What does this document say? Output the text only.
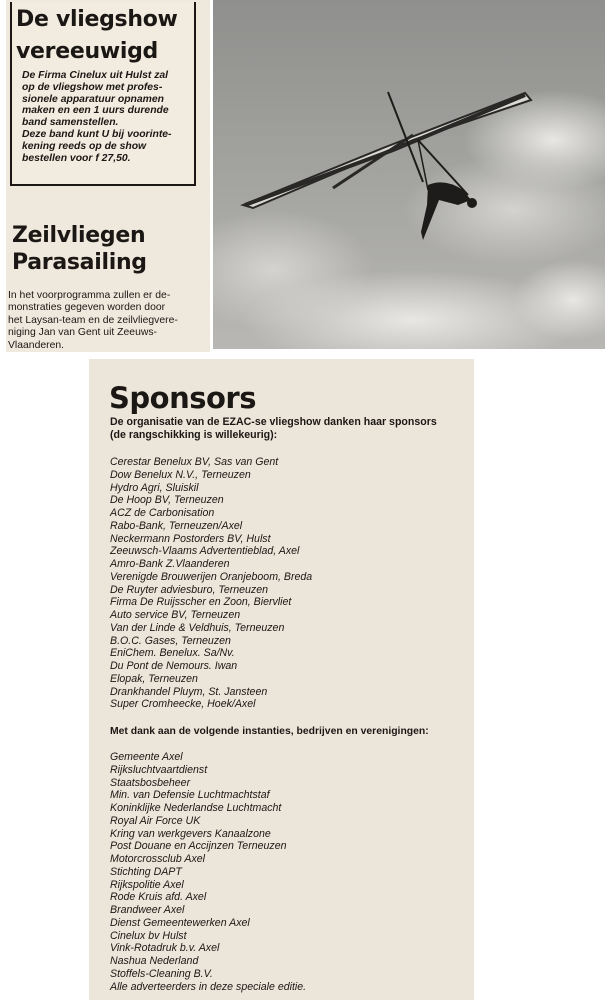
De vliegshow
vereeuwigd
De Firma Cinelux uit Hulst zal
op de vliegshow met profes-
sionele apparatuur opnamen
maken en een 1 uurs durende
band samenstellen.
Deze band kunt U bij voorinte-
kening reeds op de show
bestellen voor f 27,50.
Zeilvliegen
Parasailing
In het voorprogramma zullen er de-
monstraties gegeven worden door
het Laysan-team en de zeilvliegvere-
niging Jan van Gent uit Zeeuws-
Vlaanderen.
Sponsors
De organisatie van de EZAC-se vliegshow danken haar sponsors
(de rangschikking is willekeurig):
Cerestar Benelux BV, Sas van Gent
Dow Benelux N.V., Terneuzen
Hydro Agri, Sluiskil
De Hoop BV, Terneuzen
ACZ de Carbonisation
Rabo-Bank, Terneuzen/Axel
Neckermann Postorders BV, Hulst
Zeeuwsch-Vlaams Advertentieblad, Axel
Amro-Bank Z.Vlaanderen
Verenigde Brouwerijen Oranjeboom, Breda
De Ruyter adviesburo, Terneuzen
Firma De Ruijsscher en Zoon, Biervliet
Auto service BV, Terneuzen
Van der Linde & Veldhuis, Terneuzen
B.O.C. Gases, Terneuzen
EniChem. Benelux. Sa/Nv.
Du Pont de Nemours. Iwan
Elopak, Terneuzen
Drankhandel Pluym, St. Jansteen
Super Cromheecke, Hoek/Axel
Met dank aan de volgende instanties, bedrijven en verenigingen:
Gemeente Axel
Rijksluchtvaartdienst
Staatsbosbeheer
Min. van Defensie Luchtmachtstaf
Koninklijke Nederlandse Luchtmacht
Royal Air Force UK
Kring van werkgevers Kanaalzone
Post Douane en Accijnzen Terneuzen
Motorcrossclub Axel
Stichting DAPT
Rijkspolitie Axel
Rode Kruis afd. Axel
Brandweer Axel
Dienst Gemeentewerken Axel
Cinelux bv Hulst
Vink-Rotadruk b.v. Axel
Nashua Nederland
Stoffels-Cleaning B.V.
Alle adverteerders in deze speciale editie.
